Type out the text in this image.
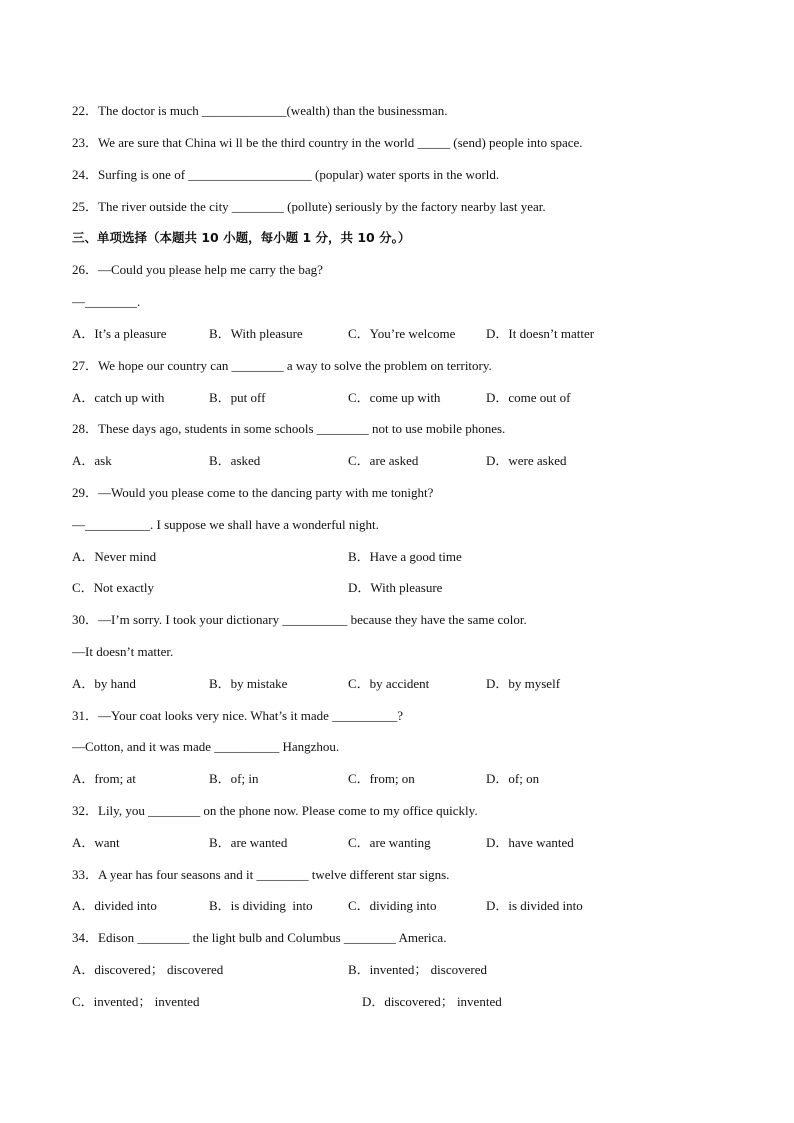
22．The doctor is much _____________(wealth) than the businessman.
23．We are sure that China wi ll be the third country in the world _____ (send) people into space.
24．Surfing is one of ___________________ (popular) water sports in the world.
25．The river outside the city ________ (pollute) seriously by the factory nearby last year.
三、单项选择（本题共 10 小题，每小题 1 分，共 10 分。）
26．—Could you please help me carry the bag?
—________.
A．It’s a pleasure	B．With pleasure	C．You’re welcome D．It doesn’t matter
27．We hope our country can ________ a way to solve the problem on territory.
A．catch up with	B．put off	C．come up with	D．come out of
28．These days ago, students in some schools ________ not to use mobile phones.
A．ask	B．asked	C．are asked	D．were asked
29．—Would you please come to the dancing party with me tonight?
—__________. I suppose we shall have a wonderful night.
A．Never mind	B．Have a good time
C．Not exactly	D．With pleasure
30．—I’m sorry. I took your dictionary __________ because they have the same color.
—It doesn’t matter.
A．by hand	B．by mistake	C．by accident	D．by myself
31．—Your coat looks very nice. What’s it made __________?
—Cotton, and it was made __________ Hangzhou.
A．from; at	B．of; in	C．from; on	D．of; on
32．Lily, you ________ on the phone now. Please come to my office quickly.
A．want	B．are wanted	C．are wanting	D．have wanted
33．A year has four seasons and it ________ twelve different star signs.
A．divided into	B．is dividing  into	C．dividing into	D．is divided into
34．Edison ________ the light bulb and Columbus ________ America.
A．discovered； discovered	B．invented； discovered
C．invented； invented	D．discovered； invented
